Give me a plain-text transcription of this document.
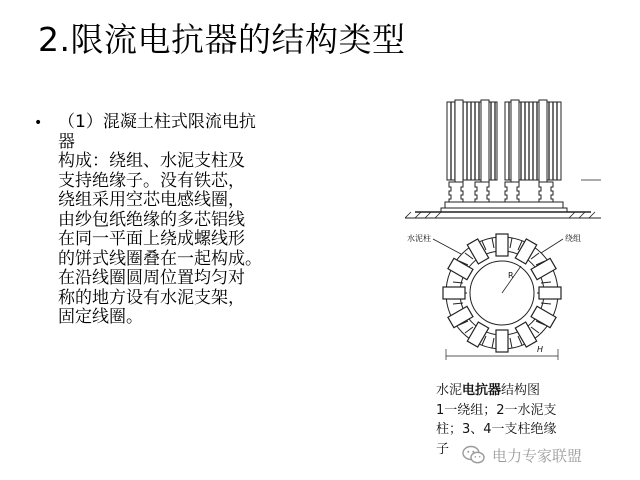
2.限流电抗器的结构类型
• （1）混凝土柱式限流电抗
器
构成：绕组、水泥支柱及
支持绝缘子。没有铁芯，
绕组采用空芯电感线圈，
由纱包纸绝缘的多芯铝线
在同一平面上绕成螺线形
的饼式线圈叠在一起构成。
在沿线圈圆周位置均匀对
称的地方设有水泥支架，
固定线圈。
水泥柱	绕组
R
H
水泥电抗器结构图
1一绕组；2一水泥支
柱；3、4一支柱绝缘
子	电力专家联盟
